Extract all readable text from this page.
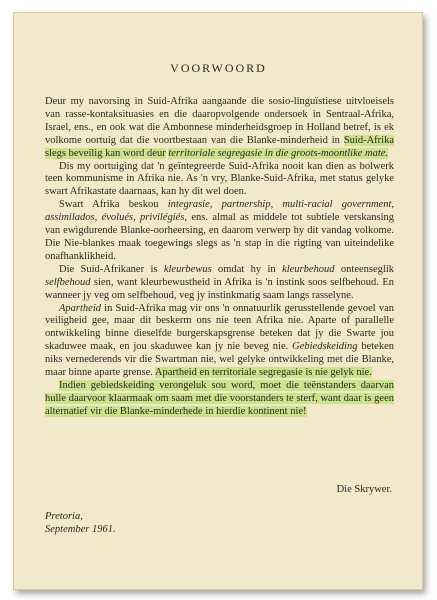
VOORWOORD

Deur my navorsing in Suid-Afrika aangaande die sosio-linguïstiese uitvloeisels van rasse-kontaksituasies en die daaropvolgende ondersoek in Sentraal-Afrika, Israel, ens., en ook wat die Ambonnese minderheidsgroep in Holland betref, is ek volkome oortuig dat die voortbestaan van die Blanke-minderheid in Suid-Afrika slegs beveilig kan word deur territoriale segregasie in die groots-moontlike mate.

Dis my oortuiging dat 'n geïntegreerde Suid-Afrika nooit kan dien as bolwerk teen kommunisme in Afrika nie. As 'n vry, Blanke-Suid-Afrika, met status gelyke swart Afrikastate daarnaas, kan hy dit wel doen.

Swart Afrika beskou integrasie, partnership, multi-racial government, assimilados, évolués, privilégiés, ens. almal as middele tot subtiele verskansing van ewigdurende Blanke-oorheersing, en daarom verwerp hy dit vandag volkome. Die Nie-blankes maak toegewings slegs as 'n stap in die rigting van uiteindelike onafhanklikheid.

Die Suid-Afrikaner is kleurbewus omdat hy in kleurbehoud onteenseglik selfbehoud sien, want kleurbewustheid in Afrika is 'n instink soos selfbehoud. En wanneer jy veg om selfbehoud, veg jy instinkmatig saam langs rasselyne.

Apartheid in Suid-Afrika mag vir ons 'n onnatuurlik gerusstellende gevoel van veiligheid gee, maar dit beskerm ons nie teen Afrika nie. Aparte of parallelle ontwikkeling binne dieselfde burgerskapsgrense beteken dat jy die Swarte jou skaduwee maak, en jou skaduwee kan jy nie beveg nie. Gebiedskeiding beteken niks vernederends vir die Swartman nie, wel gelyke ontwikkeling met die Blanke, maar binne aparte grense. Apartheid en territoriale segregasie is nie gelyk nie.

Indien gebiedskeiding verongeluk sou word, moet die teënstanders daarvan hulle daarvoor klaarmaak om saam met die voorstanders te sterf, want daar is geen alternatief vir die Blanke-minderhede in hierdie kontinent nie!

Die Skrywer.
Pretoria,
September 1961.
